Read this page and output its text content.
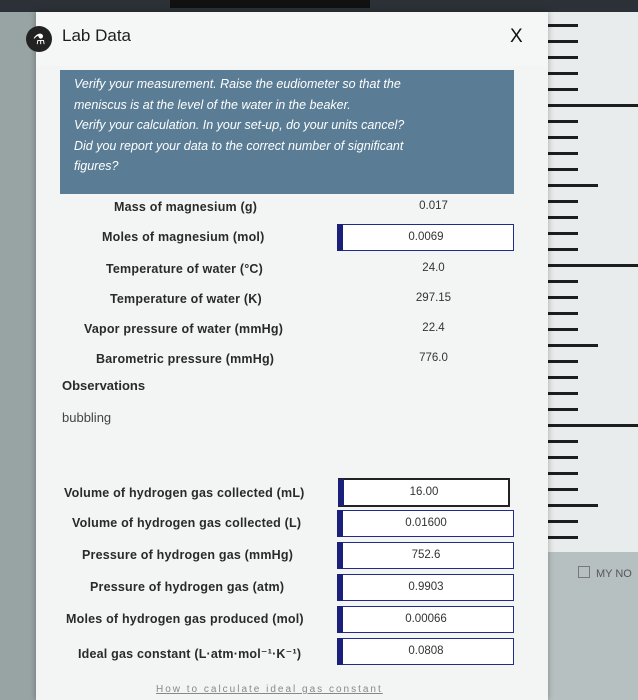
MY NO
⚗ Lab Data	X
Verify your measurement. Raise the eudiometer so that the
meniscus is at the level of the water in the beaker.
Verify your calculation. In your set-up, do your units cancel?
Did you report your data to the correct number of significant
figures?
Mass of magnesium (g)	0.017
Moles of magnesium (mol)	0.0069
Temperature of water (°C)	24.0
Temperature of water (K)	297.15
Vapor pressure of water (mmHg)	22.4
Barometric pressure (mmHg)	776.0
Observations
bubbling
Volume of hydrogen gas collected (mL)	16.00
Volume of hydrogen gas collected (L)	0.01600
Pressure of hydrogen gas (mmHg)	752.6
Pressure of hydrogen gas (atm)	0.9903
Moles of hydrogen gas produced (mol)	0.00066
Ideal gas constant (L·atm·mol⁻¹·K⁻¹)	0.0808
How to calculate ideal gas constant
